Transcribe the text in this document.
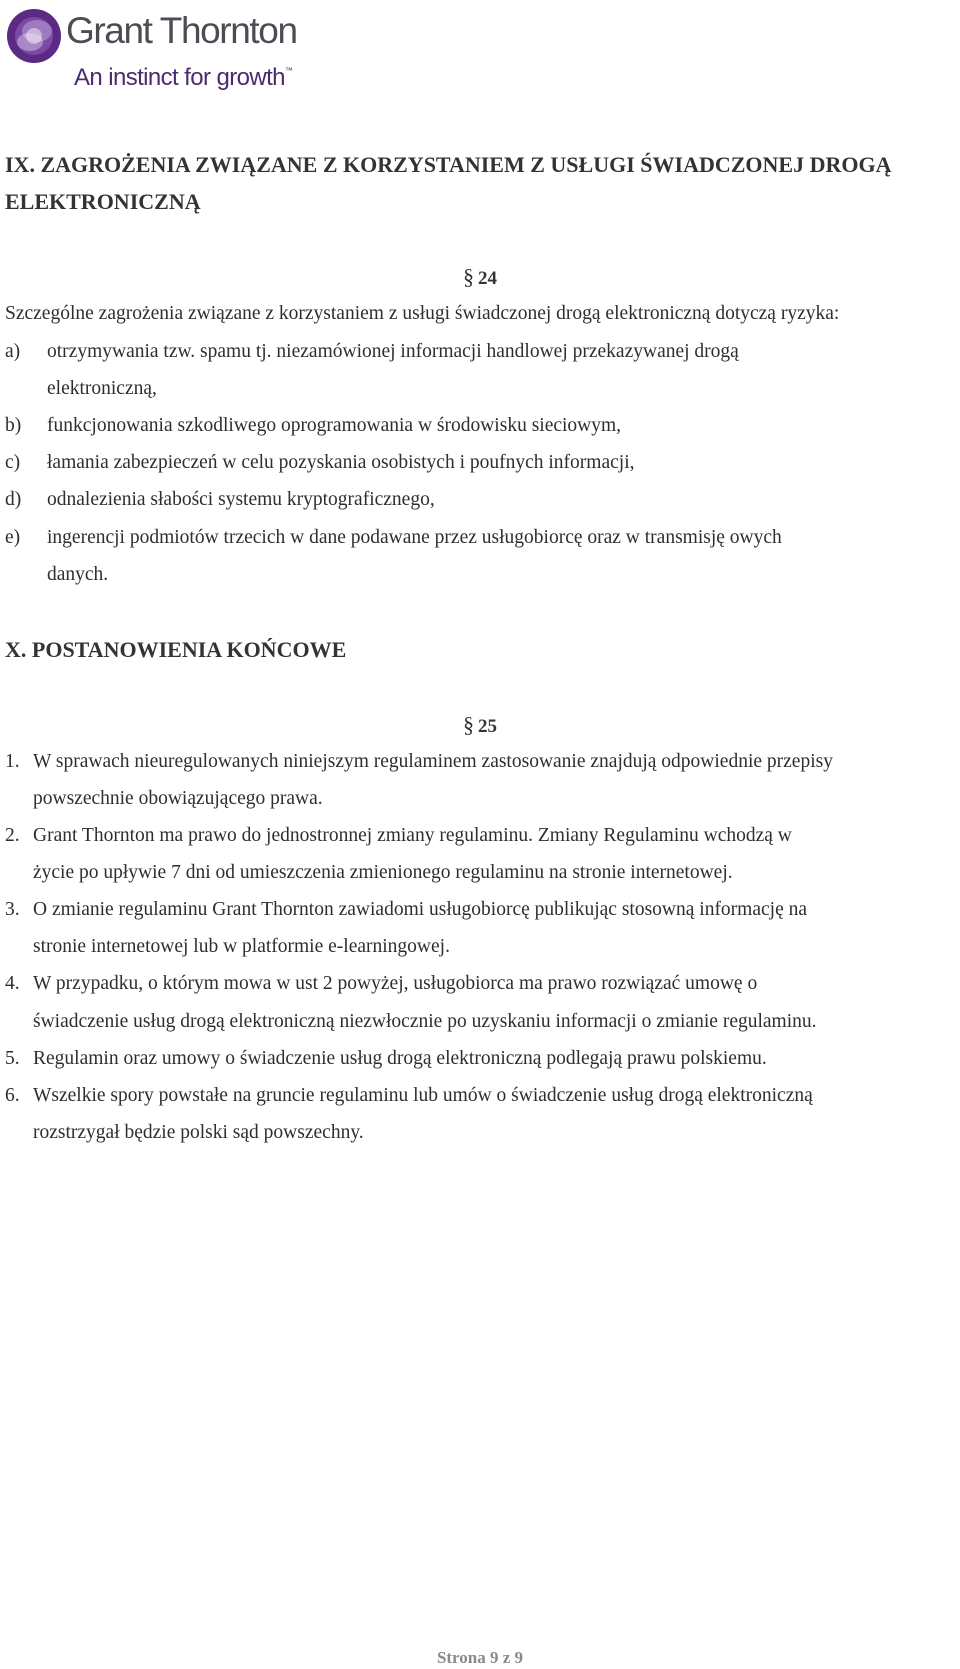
Grant Thornton
An instinct for growth™
IX. ZAGROŻENIA ZWIĄZANE Z KORZYSTANIEM Z USŁUGI ŚWIADCZONEJ DROGĄ
ELEKTRONICZNĄ
§ 24
Szczególne zagrożenia związane z korzystaniem z usługi świadczonej drogą elektroniczną dotyczą ryzyka:
a) otrzymywania tzw. spamu tj. niezamówionej informacji handlowej przekazywanej drogą
elektroniczną,
b) funkcjonowania szkodliwego oprogramowania w środowisku sieciowym,
c) łamania zabezpieczeń w celu pozyskania osobistych i poufnych informacji,
d) odnalezienia słabości systemu kryptograficznego,
e) ingerencji podmiotów trzecich w dane podawane przez usługobiorcę oraz w transmisję owych
danych.
X. POSTANOWIENIA KOŃCOWE
§ 25
1. W sprawach nieuregulowanych niniejszym regulaminem zastosowanie znajdują odpowiednie przepisy
powszechnie obowiązującego prawa.
2. Grant Thornton ma prawo do jednostronnej zmiany regulaminu. Zmiany Regulaminu wchodzą w
życie po upływie 7 dni od umieszczenia zmienionego regulaminu na stronie internetowej.
3. O zmianie regulaminu Grant Thornton zawiadomi usługobiorcę publikując stosowną informację na
stronie internetowej lub w platformie e-learningowej.
4. W przypadku, o którym mowa w ust 2 powyżej, usługobiorca ma prawo rozwiązać umowę o
świadczenie usług drogą elektroniczną niezwłocznie po uzyskaniu informacji o zmianie regulaminu.
5. Regulamin oraz umowy o świadczenie usług drogą elektroniczną podlegają prawu polskiemu.
6. Wszelkie spory powstałe na gruncie regulaminu lub umów o świadczenie usług drogą elektroniczną
rozstrzygał będzie polski sąd powszechny.
Strona 9 z 9
